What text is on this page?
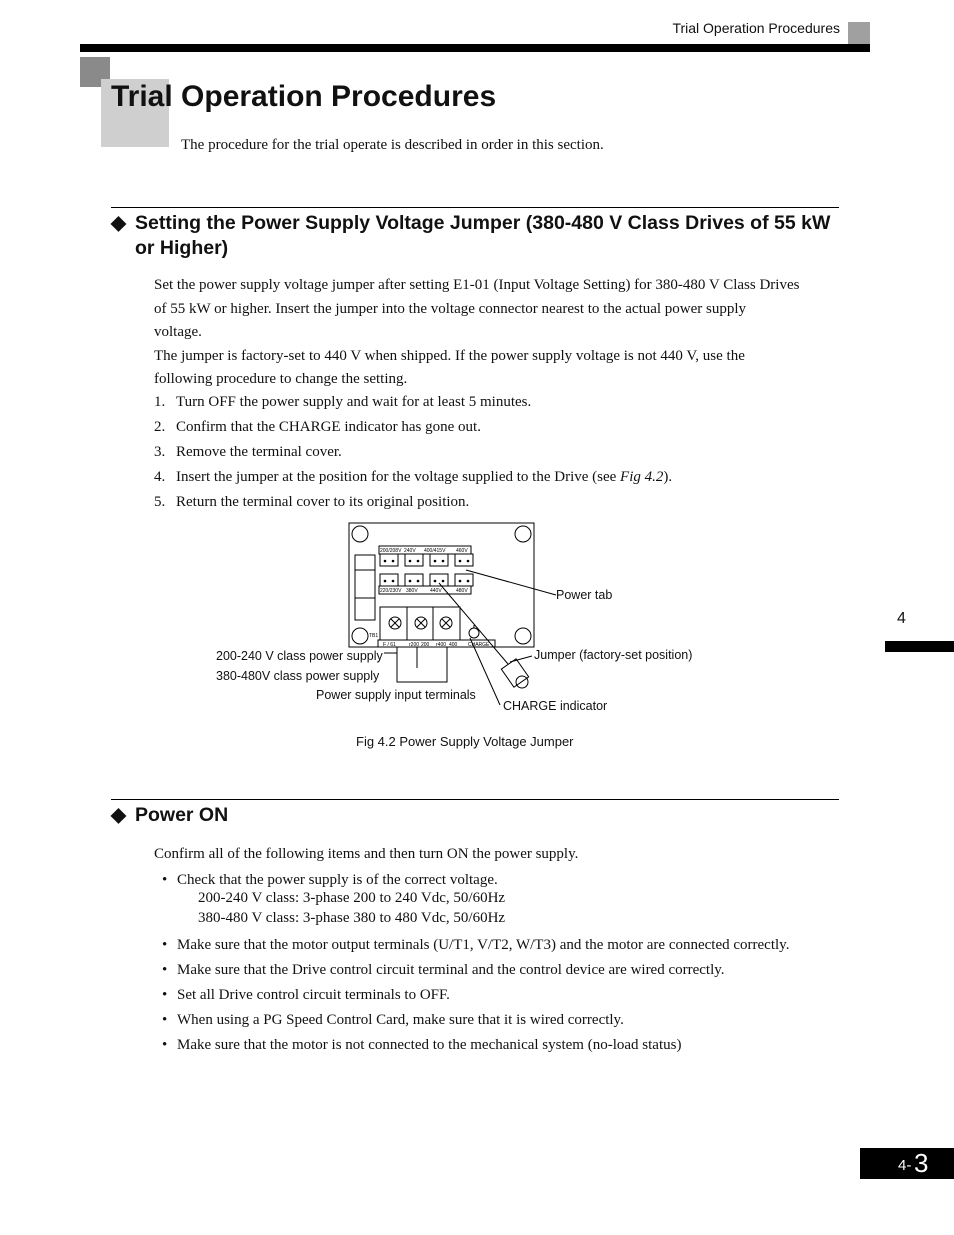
Trial Operation Procedures
Trial Operation Procedures
The procedure for the trial operate is described in order in this section.
◆ Setting the Power Supply Voltage Jumper (380-480 V Class Drives of 55 kW or Higher)
Set the power supply voltage jumper after setting E1-01 (Input Voltage Setting) for 380-480 V Class Drives
of 55 kW or higher. Insert the jumper into the voltage connector nearest to the actual power supply
voltage.
The jumper is factory-set to 440 V when shipped. If the power supply voltage is not 440 V, use the
following procedure to change the setting.
1. Turn OFF the power supply and wait for at least 5 minutes.
2. Confirm that the CHARGE indicator has gone out.
3. Remove the terminal cover.
4. Insert the jumper at the position for the voltage supplied to the Drive (see Fig 4.2).
5. Return the terminal cover to its original position.
200/208V 240V 400/415V 460V
220/230V 380V 440V	480V
TB1
F / 61	r200 200 r400 400 CHARGE
Power tab
200-240 V class power supply	Jumper (factory-set position)
380-480V class power supply
Power supply input terminals
CHARGE indicator
Fig 4.2 Power Supply Voltage Jumper
◆ Power ON
Confirm all of the following items and then turn ON the power supply.
• Check that the power supply is of the correct voltage.
200-240 V class: 3-phase 200 to 240 Vdc, 50/60Hz
380-480 V class: 3-phase 380 to 480 Vdc, 50/60Hz
• Make sure that the motor output terminals (U/T1, V/T2, W/T3) and the motor are connected correctly.
• Make sure that the Drive control circuit terminal and the control device are wired correctly.
• Set all Drive control circuit terminals to OFF.
• When using a PG Speed Control Card, make sure that it is wired correctly.
• Make sure that the motor is not connected to the mechanical system (no-load status)
4
4- 3
